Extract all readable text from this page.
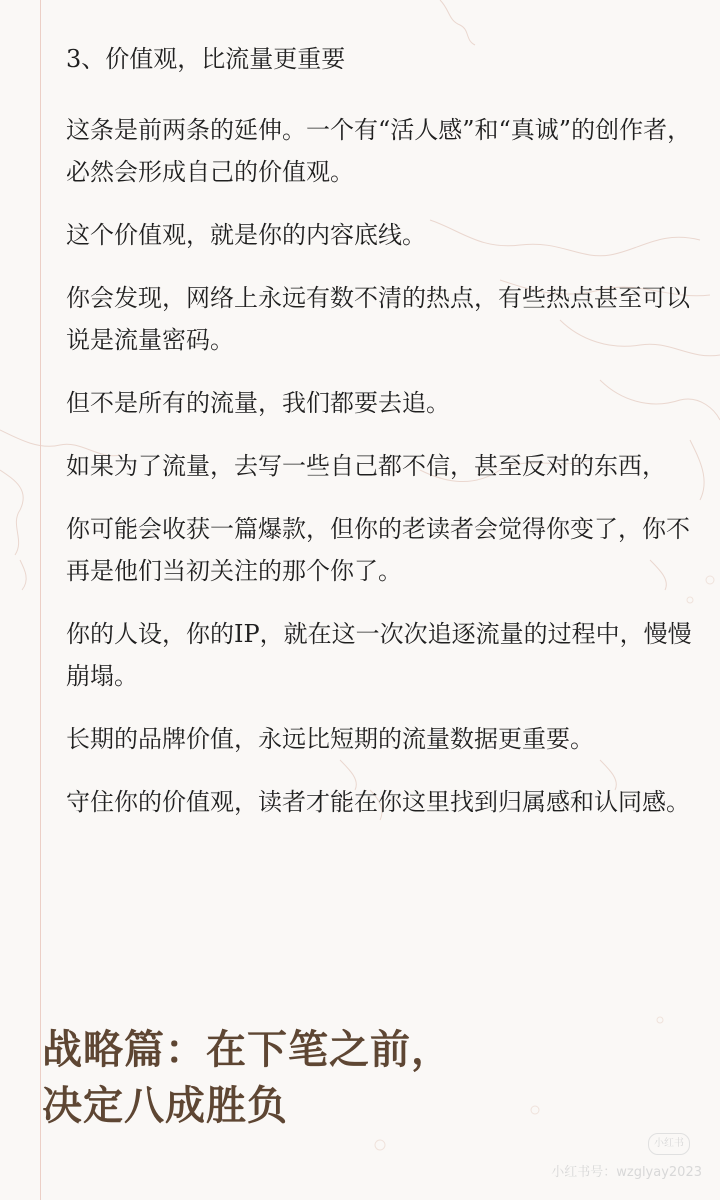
3、价值观，比流量更重要

这条是前两条的延伸。一个有“活人感”和“真诚”的创作者，必然会形成自己的价值观。

这个价值观，就是你的内容底线。

你会发现，网络上永远有数不清的热点，有些热点甚至可以说是流量密码。

但不是所有的流量，我们都要去追。

如果为了流量，去写一些自己都不信，甚至反对的东西，

你可能会收获一篇爆款，但你的老读者会觉得你变了，你不再是他们当初关注的那个你了。

你的人设，你的IP，就在这一次次追逐流量的过程中，慢慢崩塌。

长期的品牌价值，永远比短期的流量数据更重要。

守住你的价值观，读者才能在你这里找到归属感和认同感。

战略篇：在下笔之前，
决定八成胜负
小红书
小红书号：wzglyay2023
